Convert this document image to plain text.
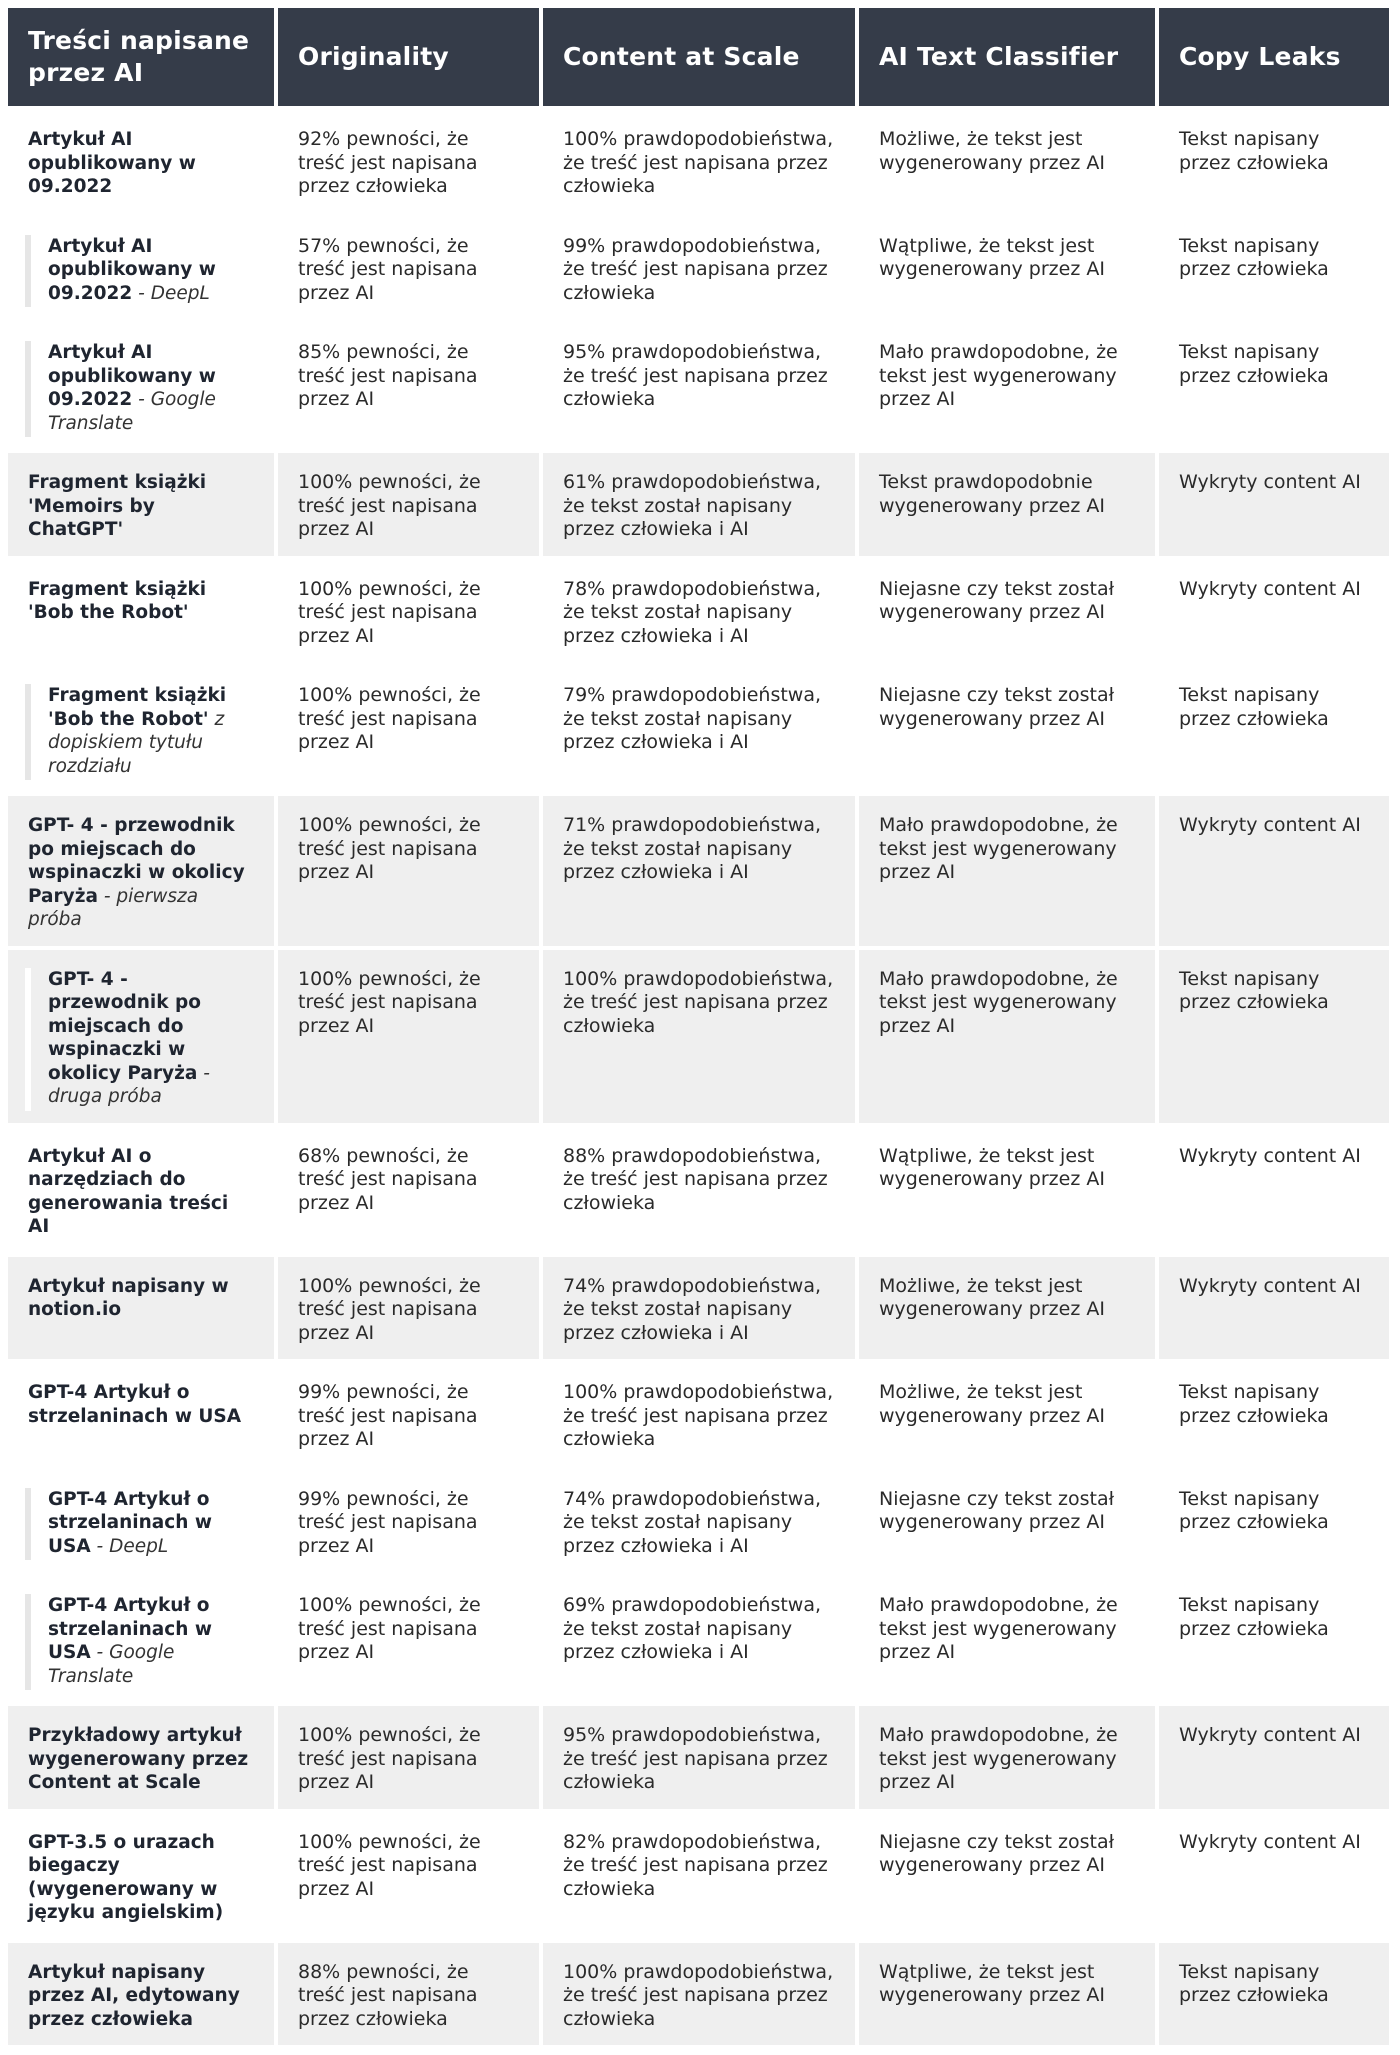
Treści napisane przez AI	Originality	Content at Scale	AI Text Classifier	Copy Leaks
Artykuł AI opublikowany w 09.2022	92% pewności, że treść jest napisana przez człowieka	100% prawdopodobieństwa, że treść jest napisana przez człowieka	Możliwe, że tekst jest wygenerowany przez AI	Tekst napisany przez człowieka

Artykuł AI opublikowany w 09.2022 - DeepL	57% pewności, że treść jest napisana przez AI	99% prawdopodobieństwa, że treść jest napisana przez człowieka	Wątpliwe, że tekst jest wygenerowany przez AI	Tekst napisany przez człowieka

Artykuł AI opublikowany w 09.2022 - Google Translate	85% pewności, że treść jest napisana przez AI	95% prawdopodobieństwa, że treść jest napisana przez człowieka	Mało prawdopodobne, że tekst jest wygenerowany przez AI	Tekst napisany przez człowieka
Fragment książki 'Memoirs by ChatGPT'	100% pewności, że treść jest napisana przez AI	61% prawdopodobieństwa, że tekst został napisany przez człowieka i AI	Tekst prawdopodobnie wygenerowany przez AI	Wykryty content AI
Fragment książki 'Bob the Robot'	100% pewności, że treść jest napisana przez AI	78% prawdopodobieństwa, że tekst został napisany przez człowieka i AI	Niejasne czy tekst został wygenerowany przez AI	Wykryty content AI

Fragment książki 'Bob the Robot' z dopiskiem tytułu rozdziału	100% pewności, że treść jest napisana przez AI	79% prawdopodobieństwa, że tekst został napisany przez człowieka i AI	Niejasne czy tekst został wygenerowany przez AI	Tekst napisany przez człowieka
GPT- 4 - przewodnik po miejscach do wspinaczki w okolicy Paryża - pierwsza próba	100% pewności, że treść jest napisana przez AI	71% prawdopodobieństwa, że tekst został napisany przez człowieka i AI	Mało prawdopodobne, że tekst jest wygenerowany przez AI	Wykryty content AI

GPT- 4 - przewodnik po miejscach do wspinaczki w okolicy Paryża - druga próba	100% pewności, że treść jest napisana przez AI	100% prawdopodobieństwa, że treść jest napisana przez człowieka	Mało prawdopodobne, że tekst jest wygenerowany przez AI	Tekst napisany przez człowieka
Artykuł AI o narzędziach do generowania treści AI	68% pewności, że treść jest napisana przez AI	88% prawdopodobieństwa, że treść jest napisana przez człowieka	Wątpliwe, że tekst jest wygenerowany przez AI	Wykryty content AI
Artykuł napisany w notion.io	100% pewności, że treść jest napisana przez AI	74% prawdopodobieństwa, że tekst został napisany przez człowieka i AI	Możliwe, że tekst jest wygenerowany przez AI	Wykryty content AI
GPT-4 Artykuł o strzelaninach w USA	99% pewności, że treść jest napisana przez AI	100% prawdopodobieństwa, że treść jest napisana przez człowieka	Możliwe, że tekst jest wygenerowany przez AI	Tekst napisany przez człowieka

GPT-4 Artykuł o strzelaninach w USA - DeepL	99% pewności, że treść jest napisana przez AI	74% prawdopodobieństwa, że tekst został napisany przez człowieka i AI	Niejasne czy tekst został wygenerowany przez AI	Tekst napisany przez człowieka

GPT-4 Artykuł o strzelaninach w USA - Google Translate	100% pewności, że treść jest napisana przez AI	69% prawdopodobieństwa, że tekst został napisany przez człowieka i AI	Mało prawdopodobne, że tekst jest wygenerowany przez AI	Tekst napisany przez człowieka
Przykładowy artykuł wygenerowany przez Content at Scale	100% pewności, że treść jest napisana przez AI	95% prawdopodobieństwa, że treść jest napisana przez człowieka	Mało prawdopodobne, że tekst jest wygenerowany przez AI	Wykryty content AI
GPT-3.5 o urazach biegaczy (wygenerowany w języku angielskim)	100% pewności, że treść jest napisana przez AI	82% prawdopodobieństwa, że treść jest napisana przez człowieka	Niejasne czy tekst został wygenerowany przez AI	Wykryty content AI
Artykuł napisany przez AI, edytowany przez człowieka	88% pewności, że treść jest napisana przez człowieka	100% prawdopodobieństwa, że treść jest napisana przez człowieka	Wątpliwe, że tekst jest wygenerowany przez AI	Tekst napisany przez człowieka
